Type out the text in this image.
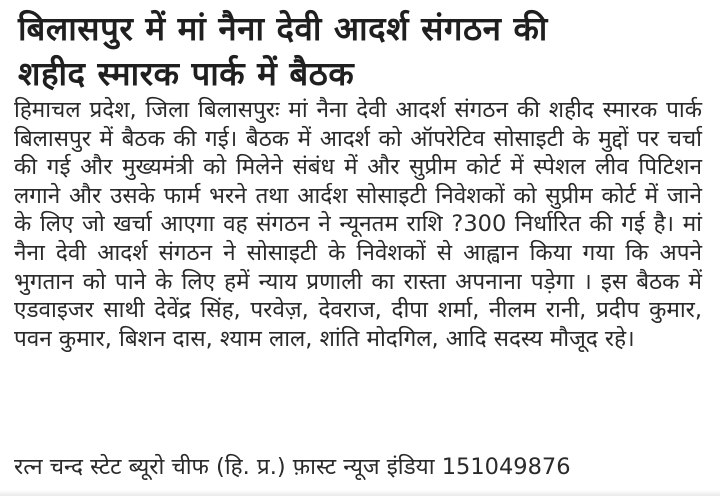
बिलासपुर में मां नैना देवी आदर्श संगठन की
शहीद स्मारक पार्क में बैठक
हिमाचल प्रदेश, जिला बिलासपुरः मां नैना देवी आदर्श संगठन की शहीद स्मारक पार्क बिलासपुर में बैठक की गई। बैठक में आदर्श को ऑपरेटिव सोसाइटी के मुद्दों पर चर्चा की गई और मुख्यमंत्री को मिलेने संबंध में और सुप्रीम कोर्ट में स्पेशल लीव पिटिशन लगाने और उसके फार्म भरने तथा आर्दश सोसाइटी निवेशकों को सुप्रीम कोर्ट में जाने के लिए जो खर्चा आएगा वह संगठन ने न्यूनतम राशि ?300 निर्धारित की गई है। मां नैना देवी आदर्श संगठन ने सोसाइटी के निवेशकों से आह्वान किया गया कि अपने भुगतान को पाने के लिए हमें न्याय प्रणाली का रास्ता अपनाना पड़ेगा । इस बैठक में एडवाइजर साथी देवेंद्र सिंह, परवेज़, देवराज, दीपा शर्मा, नीलम रानी, प्रदीप कुमार, पवन कुमार, बिशन दास, श्याम लाल, शांति मोदगिल, आदि सदस्य मौजूद रहे।
रत्न चन्द स्टेट ब्यूरो चीफ (हि. प्र.) फ़ास्ट न्यूज इंडिया 151049876
